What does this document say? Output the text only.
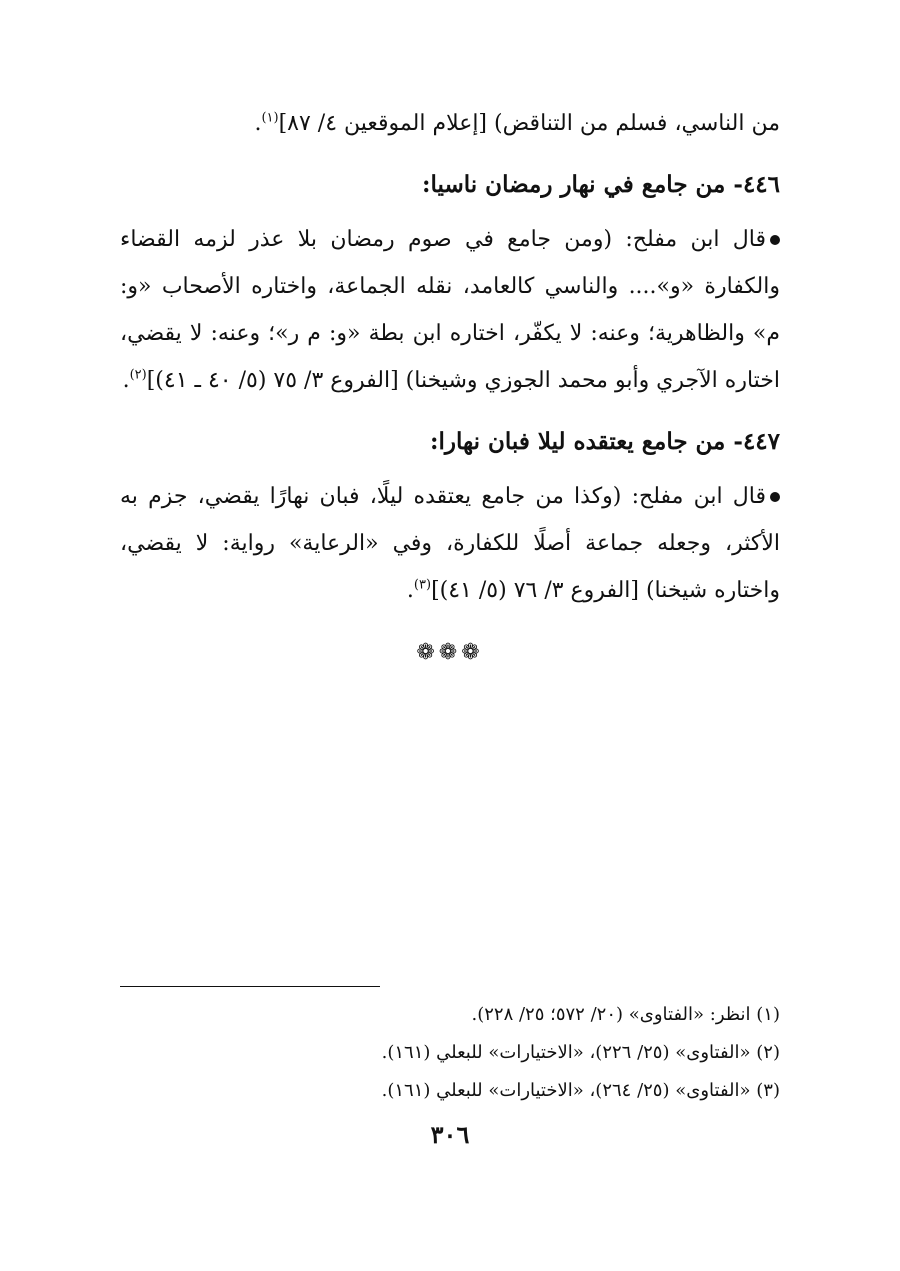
من الناسي، فسلم من التناقض) [إعلام الموقعين ٤/ ٨٧]$^{(١)}$.

٤٤٦- من جامع في نهار رمضان ناسيا:

قال ابن مفلح: (ومن جامع في صوم رمضان بلا عذر لزمه القضاء والكفارة «و».... والناسي كالعامد، نقله الجماعة، واختاره الأصحاب «و: م» والظاهرية؛ وعنه: لا يكفّر، اختاره ابن بطة «و: م ر»؛ وعنه: لا يقضي، اختاره الآجري وأبو محمد الجوزي وشيخنا) [الفروع ٣/ ٧٥ (٥/ ٤٠ ـ ٤١)]$^{(٢)}$.

٤٤٧- من جامع يعتقده ليلا فبان نهارا:

قال ابن مفلح: (وكذا من جامع يعتقده ليلًا، فبان نهارًا يقضي، جزم به الأكثر، وجعله جماعة أصلًا للكفارة، وفي «الرعاية» رواية: لا يقضي، واختاره شيخنا) [الفروع ٣/ ٧٦ (٥/ ٤١)]$^{(٣)}$.

❁❁❁
(١) انظر: «الفتاوى» (٢٠/ ٥٧٢؛ ٢٥/ ٢٢٨).
(٢) «الفتاوى» (٢٥/ ٢٢٦)، «الاختيارات» للبعلي (١٦١).
(٣) «الفتاوى» (٢٥/ ٢٦٤)، «الاختيارات» للبعلي (١٦١).
٣٠٦
